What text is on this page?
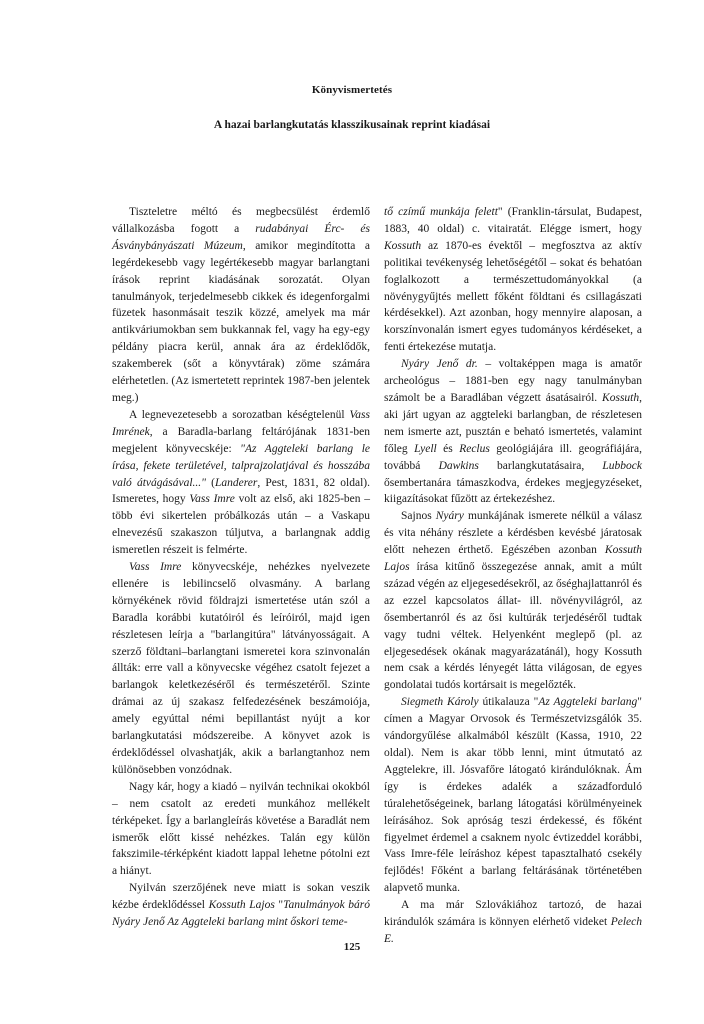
Könyvismertetés
A hazai barlangkutatás klasszikusainak reprint kiadásai

Tiszteletre méltó és megbecsülést érdemlő vállalkozásba fogott a rudabányai Érc- és Ásványbányászati Múzeum, amikor megindította a legérdekesebb vagy legértékesebb magyar barlangtani írások reprint kiadásának sorozatát. Olyan tanulmányok, terjedelmesebb cikkek és idegenforgalmi füzetek hasonmásait teszik közzé, amelyek ma már antikváriumokban sem bukkannak fel, vagy ha egy-egy példány piacra kerül, annak ára az érdeklődők, szakemberek (sőt a könyvtárak) zöme számára elérhetetlen. (Az ismertetett reprintek 1987-ben jelentek meg.)

A legnevezetesebb a sorozatban késégtelenül Vass Imrének, a Baradla-barlang feltárójának 1831-ben megjelent könyvecskéje: "Az Aggteleki barlang le írása, fekete területével, talprajzolatjával és hosszába való átvágásával..." (Landerer, Pest, 1831, 82 oldal). Ismeretes, hogy Vass Imre volt az első, aki 1825-ben – több évi sikertelen próbálkozás után – a Vaskapu elnevezésű szakaszon túljutva, a barlangnak addig ismeretlen részeit is felmérte.

Vass Imre könyvecskéje, nehézkes nyelvezete ellenére is lebilincselő olvasmány. A barlang környékének rövid földrajzi ismertetése után szól a Baradla korábbi kutatóiról és leíróiról, majd igen részletesen leírja a "barlangitúra" látványosságait. A szerző földtani–barlangtani ismeretei kora szinvonalán állták: erre vall a könyvecske végéhez csatolt fejezet a barlangok keletkezéséről és természetéről. Szinte drámai az új szakasz felfedezésének beszámoiója, amely egyúttal némi bepillantást nyújt a kor barlangkutatási módszereibe. A könyvet azok is érdeklődéssel olvashatják, akik a barlangtanhoz nem különösebben vonzódnak.

Nagy kár, hogy a kiadó – nyilván technikai okokból – nem csatolt az eredeti munkához mellékelt térképeket. Így a barlangleírás követése a Baradlát nem ismerők előtt kissé nehézkes. Talán egy külön fakszimile-térképként kiadott lappal lehetne pótolni ezt a hiányt.

Nyilván szerzőjének neve miatt is sokan veszik kézbe érdeklődéssel Kossuth Lajos "Tanulmányok báró Nyáry Jenő Az Aggteleki barlang mint őskori teme-

tő czímű munkája felett" (Franklin-társulat, Budapest, 1883, 40 oldal) c. vitairatát. Elégge ismert, hogy Kossuth az 1870-es évektől – megfosztva az aktív politikai tevékenység lehetőségétől – sokat és behatóan foglalkozott a természettudományokkal (a növénygyűjtés mellett főként földtani és csillagászati kérdésekkel). Azt azonban, hogy mennyire alaposan, a korszínvonalán ismert egyes tudományos kérdéseket, a fenti értekezése mutatja.

Nyáry Jenő dr. – voltaképpen maga is amatőr archeológus – 1881-ben egy nagy tanulmányban számolt be a Baradlában végzett ásatásairól. Kossuth, aki járt ugyan az aggteleki barlangban, de részletesen nem ismerte azt, pusztán e beható ismertetés, valamint főleg Lyell és Reclus geológiájára ill. geográfiájára, továbbá Dawkins barlangkutatásaira, Lubbock ősembertanára támaszkodva, érdekes megjegyzéseket, kiigazításokat fűzött az értekezéshez.

Sajnos Nyáry munkájának ismerete nélkül a válasz és vita néhány részlete a kérdésben kevésbé járatosak előtt nehezen érthető. Egészében azonban Kossuth Lajos írása kitűnő összegezése annak, amit a múlt század végén az eljegesedésekről, az őséghajlattanról és az ezzel kapcsolatos állat- ill. növényvilágról, az ősembertanról és az ősi kultúrák terjedéséről tudtak vagy tudni véltek. Helyenként meglepő (pl. az eljegesedések okának magyarázatánál), hogy Kossuth nem csak a kérdés lényegét látta világosan, de egyes gondolatai tudós kortársait is megelőzték.

Siegmeth Károly útikalauza "Az Aggteleki barlang" címen a Magyar Orvosok és Természetvizsgálók 35. vándorgyűlése alkalmából készült (Kassa, 1910, 22 oldal). Nem is akar több lenni, mint útmutató az Aggtelekre, ill. Jósvafőre látogató kirándulóknak. Ám így is érdekes adalék a századforduló túralehetőségeinek, barlang látogatási körülményeinek leírásához. Sok apróság teszi érdekessé, és főként figyelmet érdemel a csaknem nyolc évtizeddel korábbi, Vass Imre-féle leíráshoz képest tapasztalható csekély fejlődés! Főként a barlang feltárásának történetében alapvető munka.

A ma már Szlovákiához tartozó, de hazai kirándulók számára is könnyen elérhető videket Pelech E.

125
